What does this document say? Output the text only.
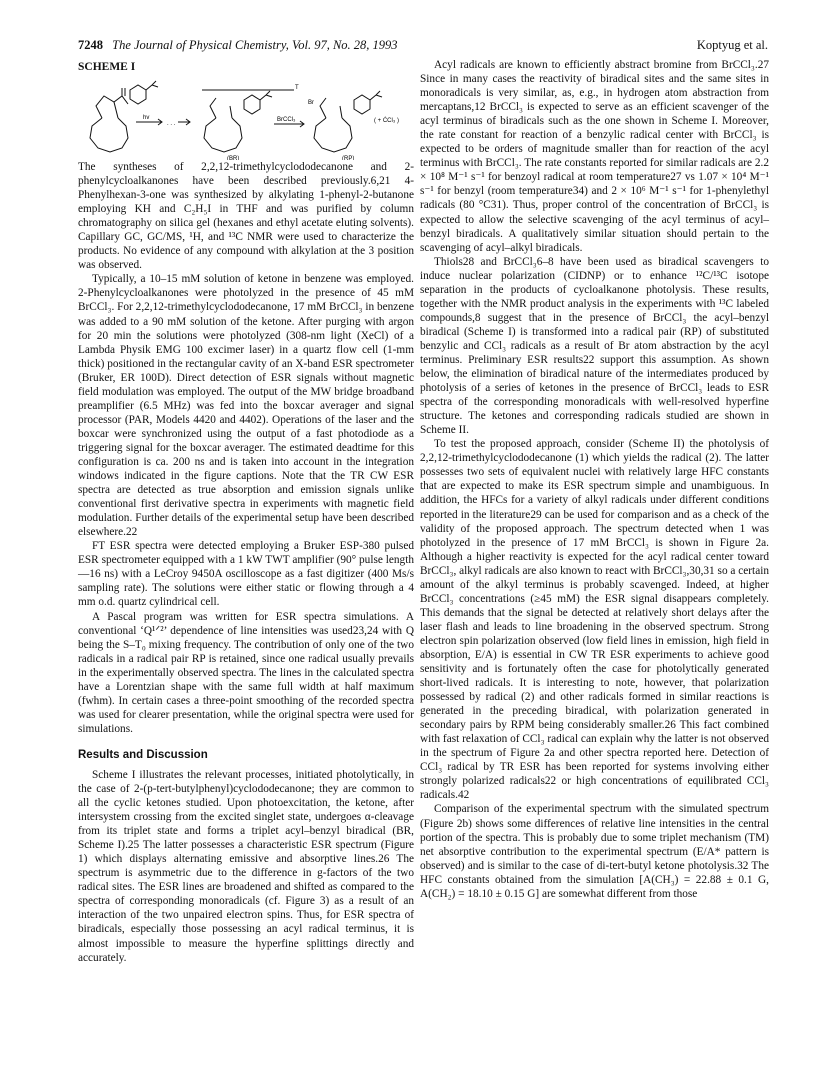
7248 The Journal of Physical Chemistry, Vol. 97, No. 28, 1993	Koptyug et al.
SCHEME I
hv
. . .
T
BrCCl₃
Br
( + ĊCl₃ )
(BR)	(RP)

The syntheses of 2,2,12-trimethylcyclododecanone and 2-phenylcycloalkanones have been described previously.6,21 4-Phenylhexan-3-one was synthesized by alkylating 1-phenyl-2-butanone employing KH and C₂H₅I in THF and was purified by column chromatography on silica gel (hexanes and ethyl acetate eluting solvents). Capillary GC, GC/MS, ¹H, and ¹³C NMR were used to characterize the products. No evidence of any compound with alkylation at the 3 position was observed.

Typically, a 10–15 mM solution of ketone in benzene was employed. 2-Phenylcycloalkanones were photolyzed in the presence of 45 mM BrCCl₃. For 2,2,12-trimethylcyclododecanone, 17 mM BrCCl₃ in benzene was added to a 90 mM solution of the ketone. After purging with argon for 20 min the solutions were photolyzed (308-nm light (XeCl) of a Lambda Physik EMG 100 excimer laser) in a quartz flow cell (1-mm thick) positioned in the rectangular cavity of an X-band ESR spectrometer (Bruker, ER 100D). Direct detection of ESR signals without magnetic field modulation was employed. The output of the MW bridge broadband preamplifier (6.5 MHz) was fed into the boxcar averager and signal processor (PAR, Models 4420 and 4402). Operations of the laser and the boxcar were synchronized using the output of a fast photodiode as a triggering signal for the boxcar averager. The estimated deadtime for this configuration is ca. 200 ns and is taken into account in the integration windows indicated in the figure captions. Note that the TR CW ESR spectra are detected as true absorption and emission signals unlike conventional first derivative spectra in experiments with magnetic field modulation. Further details of the experimental setup have been described elsewhere.22

FT ESR spectra were detected employing a Bruker ESP-380 pulsed ESR spectrometer equipped with a 1 kW TWT amplifier (90° pulse length—16 ns) with a LeCroy 9450A oscilloscope as a fast digitizer (400 Ms/s sampling rate). The solutions were either static or flowing through a 4 mm o.d. quartz cylindrical cell.

A Pascal program was written for ESR spectra simulations. A conventional ‘Q¹ᐟ²’ dependence of line intensities was used23,24 with Q being the S–T₀ mixing frequency. The contribution of only one of the two radicals in a radical pair RP is retained, since one radical usually prevails in the experimentally observed spectra. The lines in the calculated spectra have a Lorentzian shape with the same full width at half maximum (fwhm). In certain cases a three-point smoothing of the recorded spectra was used for clearer presentation, while the original spectra were used for simulations.

Results and Discussion

Scheme I illustrates the relevant processes, initiated photolytically, in the case of 2-(p-tert-butylphenyl)cyclododecanone; they are common to all the cyclic ketones studied. Upon photoexcitation, the ketone, after intersystem crossing from the excited singlet state, undergoes α-cleavage from its triplet state and forms a triplet acyl–benzyl biradical (BR, Scheme I).25 The latter possesses a characteristic ESR spectrum (Figure 1) which displays alternating emissive and absorptive lines.26 The spectrum is asymmetric due to the difference in g-factors of the two radical sites. The ESR lines are broadened and shifted as compared to the spectra of corresponding monoradicals (cf. Figure 3) as a result of an interaction of the two unpaired electron spins. Thus, for ESR spectra of biradicals, especially those possessing an acyl radical terminus, it is almost impossible to measure the hyperfine splittings directly and accurately.

Acyl radicals are known to efficiently abstract bromine from BrCCl₃.27 Since in many cases the reactivity of biradical sites and the same sites in monoradicals is very similar, as, e.g., in hydrogen atom abstraction from mercaptans,12 BrCCl₃ is expected to serve as an efficient scavenger of the acyl terminus of biradicals such as the one shown in Scheme I. Moreover, the rate constant for reaction of a benzylic radical center with BrCCl₃ is expected to be orders of magnitude smaller than for reaction of the acyl terminus with BrCCl₃. The rate constants reported for similar radicals are 2.2 × 10⁸ M⁻¹ s⁻¹ for benzoyl radical at room temperature27 vs 1.07 × 10⁴ M⁻¹ s⁻¹ for benzyl (room temperature34) and 2 × 10⁶ M⁻¹ s⁻¹ for 1-phenylethyl radicals (80 °C31). Thus, proper control of the concentration of BrCCl₃ is expected to allow the selective scavenging of the acyl terminus of acyl–benzyl biradicals. A qualitatively similar situation should pertain to the scavenging of acyl–alkyl biradicals.

Thiols28 and BrCCl₃6–8 have been used as biradical scavengers to induce nuclear polarization (CIDNP) or to enhance ¹²C/¹³C isotope separation in the products of cycloalkanone photolysis. These results, together with the NMR product analysis in the experiments with ¹³C labeled compounds,8 suggest that in the presence of BrCCl₃ the acyl–benzyl biradical (Scheme I) is transformed into a radical pair (RP) of substituted benzylic and CCl₃ radicals as a result of Br atom abstraction by the acyl terminus. Preliminary ESR results22 support this assumption. As shown below, the elimination of biradical nature of the intermediates produced by photolysis of a series of ketones in the presence of BrCCl₃ leads to ESR spectra of the corresponding monoradicals with well-resolved hyperfine structure. The ketones and corresponding radicals studied are shown in Scheme II.

To test the proposed approach, consider (Scheme II) the photolysis of 2,2,12-trimethylcyclododecanone (1) which yields the radical (2). The latter possesses two sets of equivalent nuclei with relatively large HFC constants that are expected to make its ESR spectrum simple and unambiguous. In addition, the HFCs for a variety of alkyl radicals under different conditions reported in the literature29 can be used for comparison and as a check of the validity of the proposed approach. The spectrum detected when 1 was photolyzed in the presence of 17 mM BrCCl₃ is shown in Figure 2a. Although a higher reactivity is expected for the acyl radical center toward BrCCl₃, alkyl radicals are also known to react with BrCCl₃,30,31 so a certain amount of the alkyl terminus is probably scavenged. Indeed, at higher BrCCl₃ concentrations (≥45 mM) the ESR signal disappears completely. This demands that the signal be detected at relatively short delays after the laser flash and leads to line broadening in the observed spectrum. Strong electron spin polarization observed (low field lines in emission, high field in absorption, E/A) is essential in CW TR ESR experiments to achieve good sensitivity and is fortunately often the case for photolytically generated short-lived radicals. It is interesting to note, however, that polarization possessed by radical (2) and other radicals formed in similar reactions is generated in the preceding biradical, with polarization generated in secondary pairs by RPM being considerably smaller.26 This fact combined with fast relaxation of CCl₃ radical can explain why the latter is not observed in the spectrum of Figure 2a and other spectra reported here. Detection of CCl₃ radical by TR ESR has been reported for systems involving either strongly polarized radicals22 or high concentrations of equilibrated CCl₃ radicals.42

Comparison of the experimental spectrum with the simulated spectrum (Figure 2b) shows some differences of relative line intensities in the central portion of the spectra. This is probably due to some triplet mechanism (TM) net absorptive contribution to the experimental spectrum (E/A* pattern is observed) and is similar to the case of di-tert-butyl ketone photolysis.32 The HFC constants obtained from the simulation [A(CH₃) = 22.88 ± 0.1 G, A(CH₂) = 18.10 ± 0.15 G] are somewhat different from those
